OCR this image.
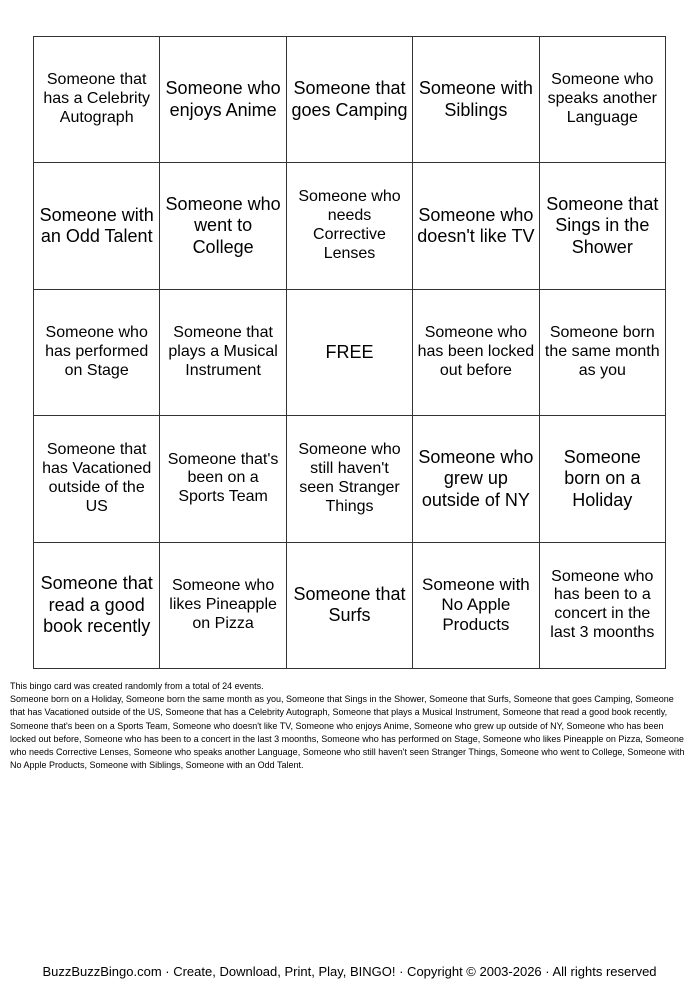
Someone that has a Celebrity Autograph
Someone who enjoys Anime
Someone that goes Camping
Someone with Siblings
Someone who speaks another Language
Someone with an Odd Talent
Someone who went to College
Someone who needs Corrective Lenses
Someone who doesn't like TV
Someone that Sings in the Shower
Someone who has performed on Stage
Someone that plays a Musical Instrument
FREE
Someone who has been locked out before
Someone born the same month as you
Someone that has Vacationed outside of the US
Someone that's been on a Sports Team
Someone who still haven't seen Stranger Things
Someone who grew up outside of NY
Someone born on a Holiday
Someone that read a good book recently
Someone who likes Pineapple on Pizza
Someone that Surfs
Someone with No Apple Products
Someone who has been to a concert in the last 3 moonths

This bingo card was created randomly from a total of 24 events.

Someone born on a Holiday, Someone born the same month as you, Someone that Sings in the Shower, Someone that Surfs, Someone that goes Camping, Someone that has Vacationed outside of the US, Someone that has a Celebrity Autograph, Someone that plays a Musical Instrument, Someone that read a good book recently, Someone that's been on a Sports Team, Someone who doesn't like TV, Someone who enjoys Anime, Someone who grew up outside of NY, Someone who has been locked out before, Someone who has been to a concert in the last 3 moonths, Someone who has performed on Stage, Someone who likes Pineapple on Pizza, Someone who needs Corrective Lenses, Someone who speaks another Language, Someone who still haven't seen Stranger Things, Someone who went to College, Someone with No Apple Products, Someone with Siblings, Someone with an Odd Talent.

BuzzBuzzBingo.com · Create, Download, Print, Play, BINGO! · Copyright © 2003-2026 · All rights reserved
